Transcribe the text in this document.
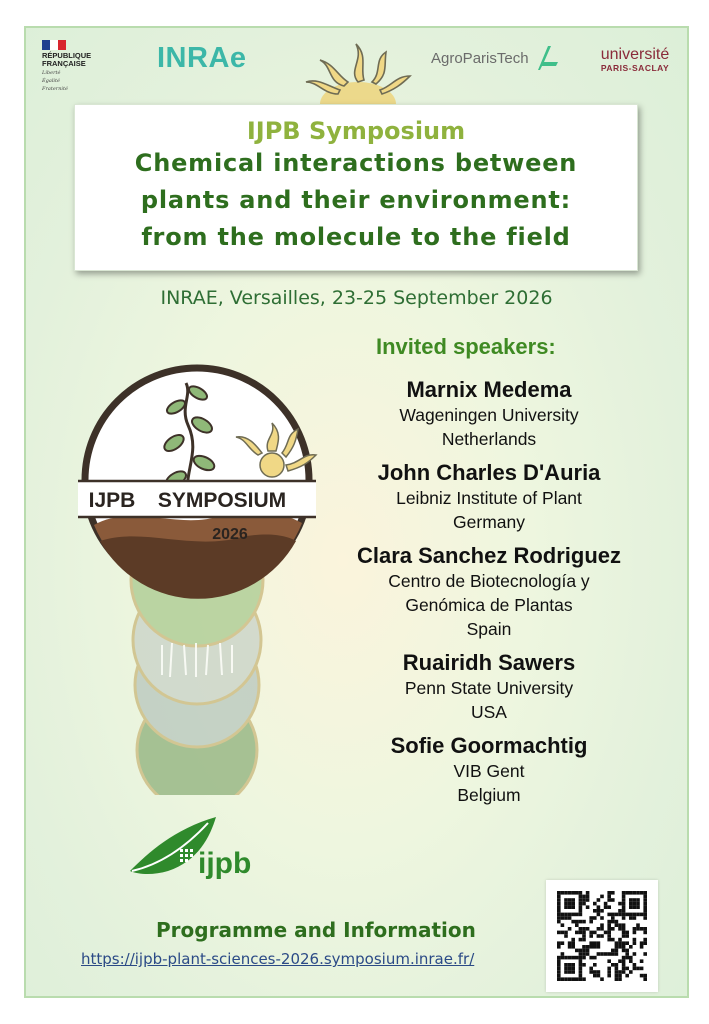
RÉPUBLIQUE
FRANÇAISE
Liberté
Égalité
Fraternité
INRAe	AgroParisTech	université
PARIS-SACLAY
IJPB Symposium
Chemical interactions between
plants and their environment:
from the molecule to the field
INRAE, Versailles, 23-25 September 2026
Invited speakers:
Marnix Medema
Wageningen University
Netherlands
John Charles D'Auria
Leibniz Institute of Plant
Germany
Clara Sanchez Rodriguez
Centro de Biotecnología y
Genómica de Plantas
Spain
Ruairidh Sawers
Penn State University
USA
Sofie Goormachtig
VIB Gent
Belgium
IJPB SYMPOSIUM
2026
ijpb
Programme and Information
https://ijpb-plant-sciences-2026.symposium.inrae.fr/
